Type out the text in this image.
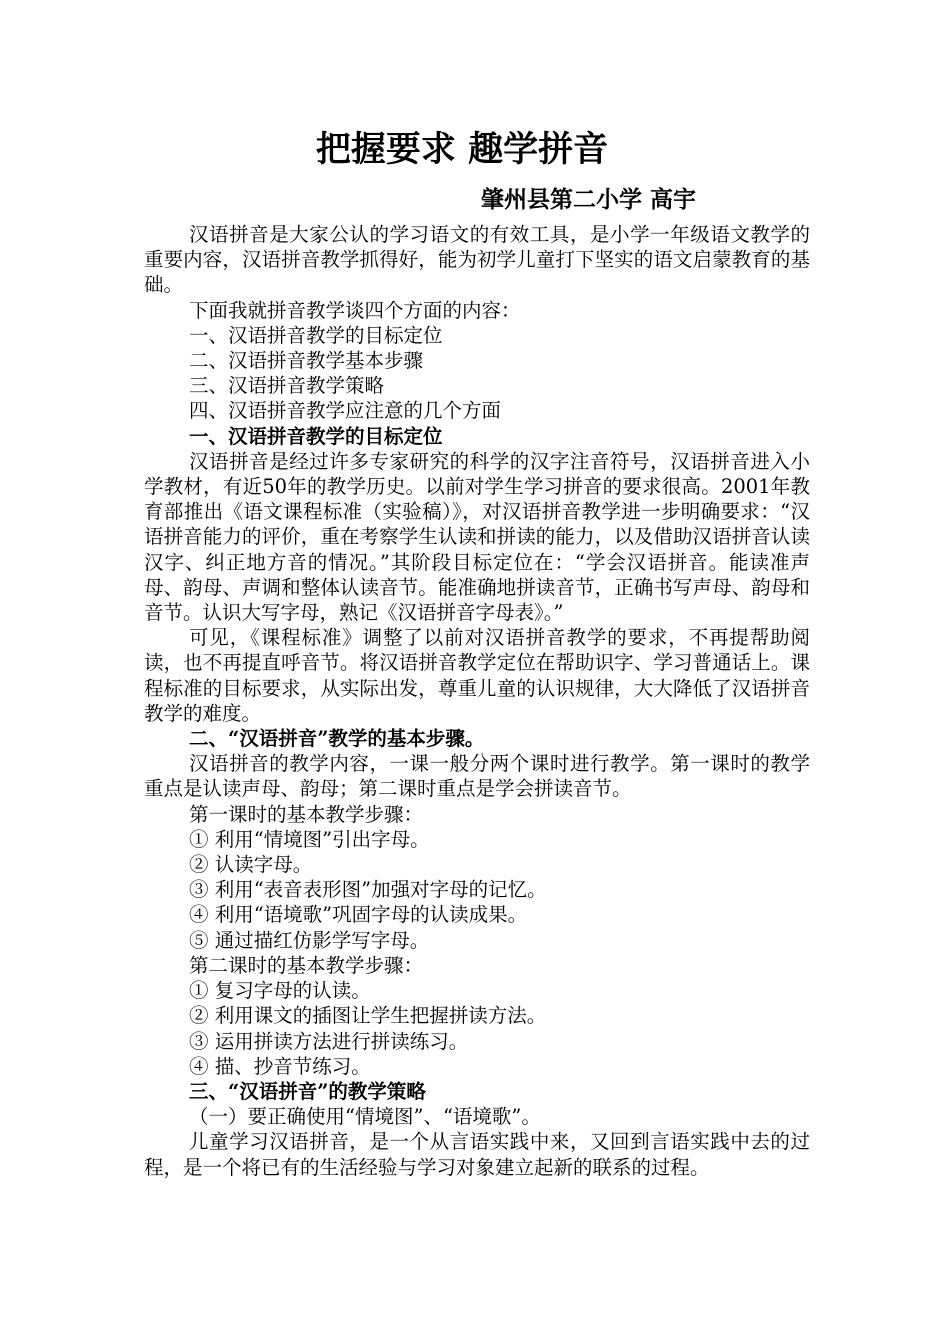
把握要求 趣学拼音
肇州县第二小学 高宇

汉语拼音是大家公认的学习语文的有效工具，是小学一年级语文教学的重要内容，汉语拼音教学抓得好，能为初学儿童打下坚实的语文启蒙教育的基础。

下面我就拼音教学谈四个方面的内容：

一、汉语拼音教学的目标定位

二、汉语拼音教学基本步骤

三、汉语拼音教学策略

四、汉语拼音教学应注意的几个方面

一、汉语拼音教学的目标定位

汉语拼音是经过许多专家研究的科学的汉字注音符号，汉语拼音进入小学教材，有近50年的教学历史。以前对学生学习拼音的要求很高。2001年教育部推出《语文课程标准（实验稿）》，对汉语拼音教学进一步明确要求：“汉语拼音能力的评价，重在考察学生认读和拼读的能力，以及借助汉语拼音认读汉字、纠正地方音的情况。”其阶段目标定位在：“学会汉语拼音。能读准声母、韵母、声调和整体认读音节。能准确地拼读音节，正确书写声母、韵母和音节。认识大写字母，熟记《汉语拼音字母表》。”

可见，《课程标准》调整了以前对汉语拼音教学的要求，不再提帮助阅读，也不再提直呼音节。将汉语拼音教学定位在帮助识字、学习普通话上。课程标准的目标要求，从实际出发，尊重儿童的认识规律，大大降低了汉语拼音教学的难度。

二、“汉语拼音”教学的基本步骤。

汉语拼音的教学内容，一课一般分两个课时进行教学。第一课时的教学重点是认读声母、韵母；第二课时重点是学会拼读音节。

第一课时的基本教学步骤：

① 利用“情境图”引出字母。

② 认读字母。

③ 利用“表音表形图”加强对字母的记忆。

④ 利用“语境歌”巩固字母的认读成果。

⑤ 通过描红仿影学写字母。

第二课时的基本教学步骤：

① 复习字母的认读。

② 利用课文的插图让学生把握拼读方法。

③ 运用拼读方法进行拼读练习。

④ 描、抄音节练习。

三、“汉语拼音”的教学策略

（一）要正确使用“情境图”、“语境歌”。

儿童学习汉语拼音，是一个从言语实践中来，又回到言语实践中去的过程，是一个将已有的生活经验与学习对象建立起新的联系的过程。
